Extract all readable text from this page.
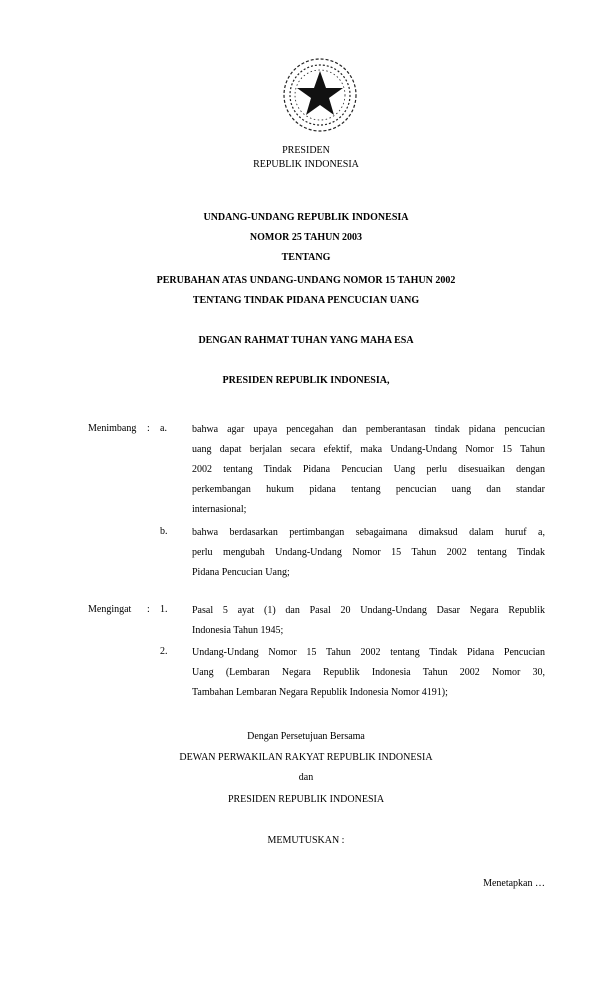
PRESIDEN
REPUBLIK INDONESIA
UNDANG-UNDANG REPUBLIK INDONESIA
NOMOR 25 TAHUN 2003
TENTANG
PERUBAHAN ATAS UNDANG-UNDANG NOMOR 15 TAHUN 2002
TENTANG TINDAK PIDANA PENCUCIAN UANG
DENGAN RAHMAT TUHAN YANG MAHA ESA
PRESIDEN REPUBLIK INDONESIA,
Menimbang : a.	bahwa agar upaya pencegahan dan pemberantasan tindak pidana pencucian
uang dapat berjalan secara efektif, maka Undang-Undang Nomor 15 Tahun
2002 tentang Tindak Pidana Pencucian Uang perlu disesuaikan dengan
perkembangan hukum pidana tentang pencucian uang dan standar
internasional;
b. bahwa berdasarkan pertimbangan sebagaimana dimaksud dalam huruf a,
perlu mengubah Undang-Undang Nomor 15 Tahun 2002 tentang Tindak
Pidana Pencucian Uang;
Mengingat : 1. Pasal 5 ayat (1) dan Pasal 20 Undang-Undang Dasar Negara Republik
Indonesia Tahun 1945;
2. Undang-Undang Nomor 15 Tahun 2002 tentang Tindak Pidana Pencucian
Uang (Lembaran Negara Republik Indonesia Tahun 2002 Nomor 30,
Tambahan Lembaran Negara Republik Indonesia Nomor 4191);
Dengan Persetujuan Bersama
DEWAN PERWAKILAN RAKYAT REPUBLIK INDONESIA
dan
PRESIDEN REPUBLIK INDONESIA
MEMUTUSKAN :
Menetapkan …
